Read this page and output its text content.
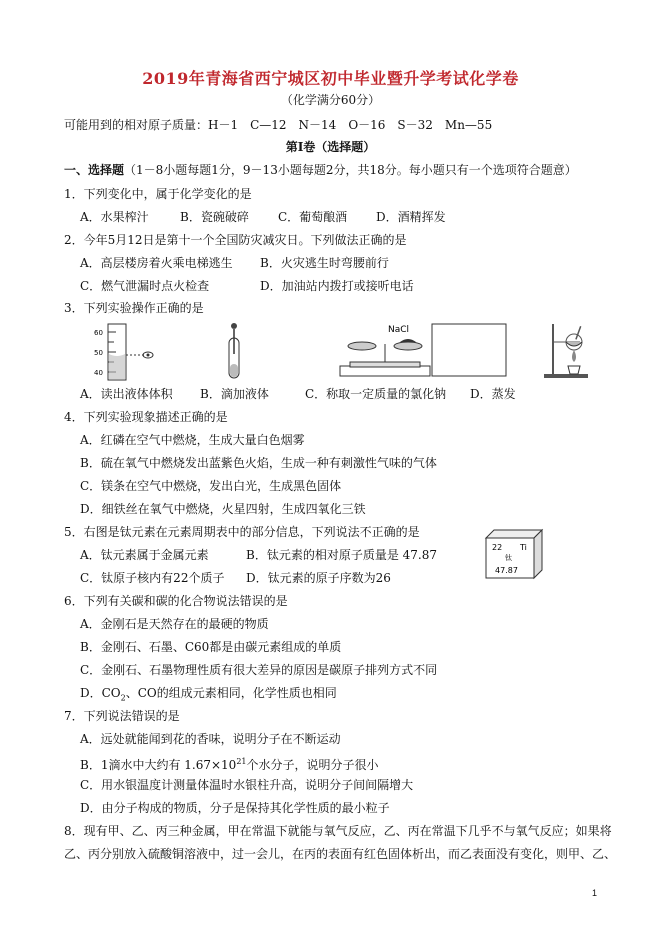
2019年青海省西宁城区初中毕业暨升学考试化学卷
（化学满分60分）
可能用到的相对原子质量：H－1　C—12　N－14　O－16　S－32　Mn—55
第Ⅰ卷（选择题）
一、选择题（1－8小题每题1分，9－13小题每题2分，共18分。每小题只有一个选项符合题意）
1．下列变化中，属于化学变化的是
A．水果榨汁	B．瓷碗破碎 C．葡萄酿酒 D．酒精挥发
2．今年5月12日是第十一个全国防灾减灾日。下列做法正确的是
A．高层楼房着火乘电梯逃生 B．火灾逃生时弯腰前行
C．燃气泄漏时点火检查	D．加油站内拨打或接听电话
3．下列实验操作正确的是
60
50
40
NaCl
A．读出液体体积 B．滴加液体	C．称取一定质量的氯化钠 D．蒸发
4．下列实验现象描述正确的是
A．红磷在空气中燃烧，生成大量白色烟雾
B．硫在氧气中燃烧发出蓝紫色火焰，生成一种有刺激性气味的气体
C．镁条在空气中燃烧，发出白光，生成黑色固体
D．细铁丝在氧气中燃烧，火星四射，生成四氧化三铁
5．右图是钛元素在元素周期表中的部分信息，下列说法不正确的是
A．钛元素属于金属元素	B．钛元素的相对原子质量是 47.87
C．钛原子核内有22个质子 D．钛元素的原子序数为26
22 Ti
钛
47.87
6．下列有关碳和碳的化合物说法错误的是
A．金刚石是天然存在的最硬的物质
B．金刚石、石墨、C60都是由碳元素组成的单质
C．金刚石、石墨物理性质有很大差异的原因是碳原子排列方式不同
D．$CO_2$、CO的组成元素相同，化学性质也相同
7．下列说法错误的是
A．远处就能闻到花的香味，说明分子在不断运动
B．1滴水中大约有 $1.67\times 10^{21}$个水分子，说明分子很小
C．用水银温度计测量体温时水银柱升高，说明分子间间隔增大
D．由分子构成的物质，分子是保持其化学性质的最小粒子
8．现有甲、乙、丙三种金属，甲在常温下就能与氧气反应，乙、丙在常温下几乎不与氧气反应；如果将
乙、丙分别放入硫酸铜溶液中，过一会儿，在丙的表面有红色固体析出，而乙表面没有变化，则甲、乙、
1
